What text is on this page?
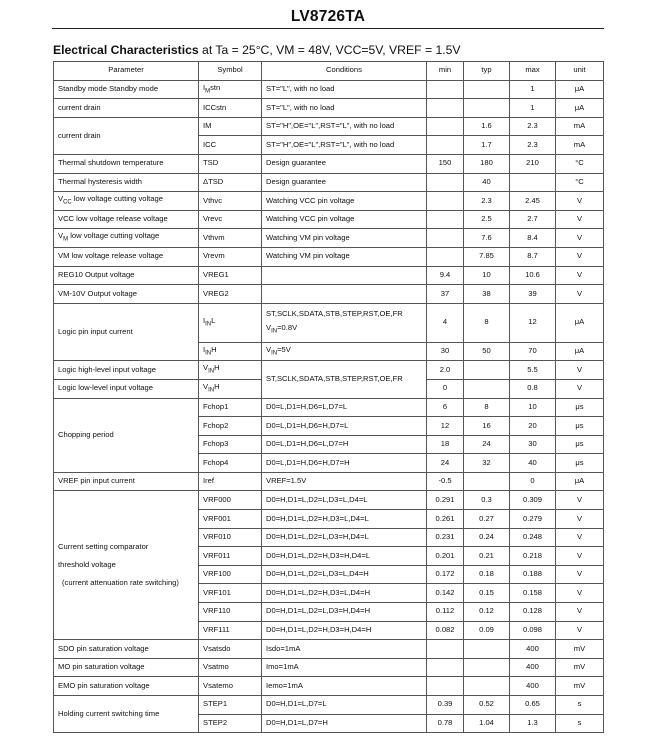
LV8726TA
Electrical Characteristics at Ta = 25°C, VM = 48V, VCC=5V, VREF = 1.5V
Parameter	Symbol	Conditions	min	typ	max	unit
Standby mode Standby mode	$I_Mstn$	ST="L", with no load			1	μA
current drain	ICCstn	ST="L", with no load			1	μA
current drain	IM	ST="H",OE="L",RST="L", with no load		1.6	2.3	mA
	ICC	ST="H",OE="L",RST="L", with no load		1.7	2.3	mA
Thermal shutdown temperature	TSD	Design guarantee	150	180	210	°C
Thermal hysteresis width	ΔTSD	Design guarantee		40		°C
$V_{CC}$ low voltage cutting voltage	Vthvc	Watching VCC pin voltage		2.3	2.45	V
VCC low voltage release voltage	Vrevc	Watching VCC pin voltage		2.5	2.7	V
$V_M$ low voltage cutting voltage	Vthvm	Watching VM pin voltage		7.6	8.4	V
VM low voltage release voltage	Vrevm	Watching VM pin voltage		7.85	8.7	V
REG10 Output voltage	VREG1		9.4	10	10.6	V
VM-10V Output voltage	VREG2		37	38	39	V
Logic pin input current	$I_{IN}L$	ST,SCLK,SDATA,STB,STEP,RST,OE,FR
$V_{IN}=0.8V$	4	8	12	μA
	$I_{IN}H$	$V_{IN}=5V$	30	50	70	μA
Logic high-level input voltage	$V_{IN}H$	ST,SCLK,SDATA,STB,STEP,RST,OE,FR	2.0		5.5	V
Logic low-level input voltage	$V_{IN}H$		0		0.8	V
Chopping period	Fchop1	D0=L,D1=H,D6=L,D7=L	6	8	10	μs
	Fchop2	D0=L,D1=H,D6=H,D7=L	12	16	20	μs
	Fchop3	D0=L,D1=H,D6=L,D7=H	18	24	30	μs
	Fchop4	D0=L,D1=H,D6=H,D7=H	24	32	40	μs
VREF pin input current	Iref	VREF=1.5V	-0.5		0	μA

Current setting comparator
threshold voltage
(current attenuation rate switching)	VRF000	D0=H,D1=L,D2=L,D3=L,D4=L	0.291	0.3	0.309	V
	VRF001	D0=H,D1=L,D2=H,D3=L,D4=L	0.261	0.27	0.279	V
	VRF010	D0=H,D1=L,D2=L,D3=H,D4=L	0.231	0.24	0.248	V
	VRF011	D0=H,D1=L,D2=H,D3=H,D4=L	0.201	0.21	0.218	V
	VRF100	D0=H,D1=L,D2=L,D3=L,D4=H	0.172	0.18	0.188	V
	VRF101	D0=H,D1=L,D2=H,D3=L,D4=H	0.142	0.15	0.158	V
	VRF110	D0=H,D1=L,D2=L,D3=H,D4=H	0.112	0.12	0.128	V
	VRF111	D0=H,D1=L,D2=H,D3=H,D4=H	0.082	0.09	0.098	V
SDO pin saturation voltage	Vsatsdo	Isdo=1mA			400	mV
MO pin saturation voltage	Vsatmo	Imo=1mA			400	mV
EMO pin saturation voltage	Vsatemo	Iemo=1mA			400	mV
Holding current switching time	STEP1	D0=H,D1=L,D7=L	0.39	0.52	0.65	s
	STEP2	D0=H,D1=L,D7=H	0.78	1.04	1.3	s
